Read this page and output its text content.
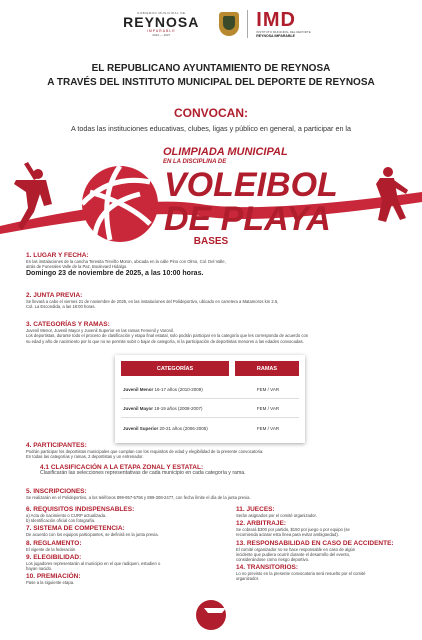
GOBIERNO MUNICIPAL DE
REYNOSA
IMPARABLE
2024 — 2027
IMD
INSTITUTO MUNICIPAL DEL DEPORTE
REYNOSA IMPARABLE
EL REPUBLICANO AYUNTAMIENTO DE REYNOSA
A TRAVÉS DEL INSTITUTO MUNICIPAL DEL DEPORTE DE REYNOSA
CONVOCAN:
A todas las instituciones educativas, clubes, ligas y público en general, a participar en la
OLIMPIADA MUNICIPAL
EN LA DISCIPLINA DE
VOLEIBOL
DE PLAYA
BASES
1. LUGAR Y FECHA:
En las instalaciones de la cancha Teresita Treviño Moron, ubicada en la calle Pino con Olmo, Col. Del Valle,
atrás de Funerales Valle de la Paz, Boulevard Hidalgo.
Domingo 23 de noviembre de 2025, a las 10:00 horas.
2. JUNTA PREVIA:
Se llevará a cabo el viernes 21 de noviembre de 2025, en las instalaciones del Polideportivo, ubicado en carretera a Matamoros km 2.5,
Col. La Escondida, a las 18:00 horas.
3. CATEGORÍAS Y RAMAS:
Juvenil Menor, Juvenil Mayor y Juvenil Superior en las ramas Femenil y Varonil.
Los deportistas, durante todo el proceso de clasificación y etapa final estatal, solo podrán participar en la categoría que les corresponda de acuerdo con
su edad y año de nacimiento por lo que no se permite subir o bajar de categoría, ni la participación de deportistas menores a las edades convocadas.
CATEGORÍAS	RAMAS
Juvenil Menor 16-17 años (2010-2009)	FEM / VAR
Juvenil Mayor 18-19 años (2008-2007)	FEM / VAR
Juvenil Superior 20-21 años (2006-2005)	FEM / VAR
4. PARTICIPANTES:
Podrán participar los deportistas municipales que cumplan con los requisitos de edad y elegibilidad de la presente convocatoria.
En todas las categorías y ramas, 2 deportistas y un entrenador.
4.1 CLASIFICACIÓN A LA ETAPA ZONAL Y ESTATAL:
Clasificarán las selecciones representativas de cada municipio en cada categoría y rama.
5. INSCRIPCIONES:
Se realizarán en el Polideportivo, a los teléfonos 899-957-5756 y 899-308-2477, con fecha límite el día de la junta previa.
6. REQUISITOS INDISPENSABLES:
a) Acta de nacimiento o CURP actualizada.
b) Identificación oficial con fotografía.
7. SISTEMA DE COMPETENCIA:
De acuerdo con los equipos participantes, se definirá en la junta previa.
8. REGLAMENTO:
El vigente de la federación
9. ELEGIBILIDAD:
Los jugadores representarán al municipio en el que radiquen, estudien o
hayan nacido.
10. PREMIACIÓN:
Pase a la siguiente etapa.
11. JUECES:
Serán asignados por el comité organizador.
12. ARBITRAJE:
Se cobrará $300 por partido, $150 por juego o por equipo (se
recomienda aclarar esta línea para evitar ambigüedad).
13. RESPONSABILIDAD EN CASO DE ACCIDENTE:
El comité organizador no se hace responsable en caso de algún
incidente que pudiera ocurrir durante el desarrollo del evento,
considerándose como riesgo deportivo.
14. TRANSITORIOS:
Lo no previsto en la presente convocatoria será resuelto por el comité
organizador.
